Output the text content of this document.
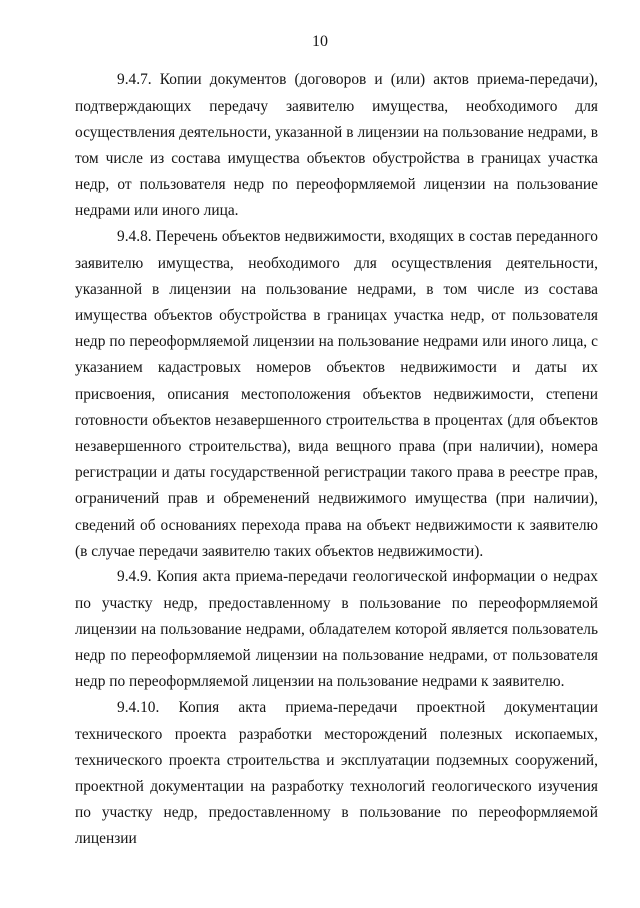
10

9.4.7. Копии документов (договоров и (или) актов приема-передачи), подтверждающих передачу заявителю имущества, необходимого для осуществления деятельности, указанной в лицензии на пользование недрами, в том числе из состава имущества объектов обустройства в границах участка недр, от пользователя недр по переоформляемой лицензии на пользование недрами или иного лица.

9.4.8. Перечень объектов недвижимости, входящих в состав переданного заявителю имущества, необходимого для осуществления деятельности, указанной в лицензии на пользование недрами, в том числе из состава имущества объектов обустройства в границах участка недр, от пользователя недр по переоформляемой лицензии на пользование недрами или иного лица, с указанием кадастровых номеров объектов недвижимости и даты их присвоения, описания местоположения объектов недвижимости, степени готовности объектов незавершенного строительства в процентах (для объектов незавершенного строительства), вида вещного права (при наличии), номера регистрации и даты государственной регистрации такого права в реестре прав, ограничений прав и обременений недвижимого имущества (при наличии), сведений об основаниях перехода права на объект недвижимости к заявителю (в случае передачи заявителю таких объектов недвижимости).

9.4.9. Копия акта приема-передачи геологической информации о недрах по участку недр, предоставленному в пользование по переоформляемой лицензии на пользование недрами, обладателем которой является пользователь недр по переоформляемой лицензии на пользование недрами, от пользователя недр по переоформляемой лицензии на пользование недрами к заявителю.

9.4.10. Копия акта приема-передачи проектной документации технического проекта разработки месторождений полезных ископаемых, технического проекта строительства и эксплуатации подземных сооружений, проектной документации на разработку технологий геологического изучения по участку недр, предоставленному в пользование по переоформляемой лицензии
